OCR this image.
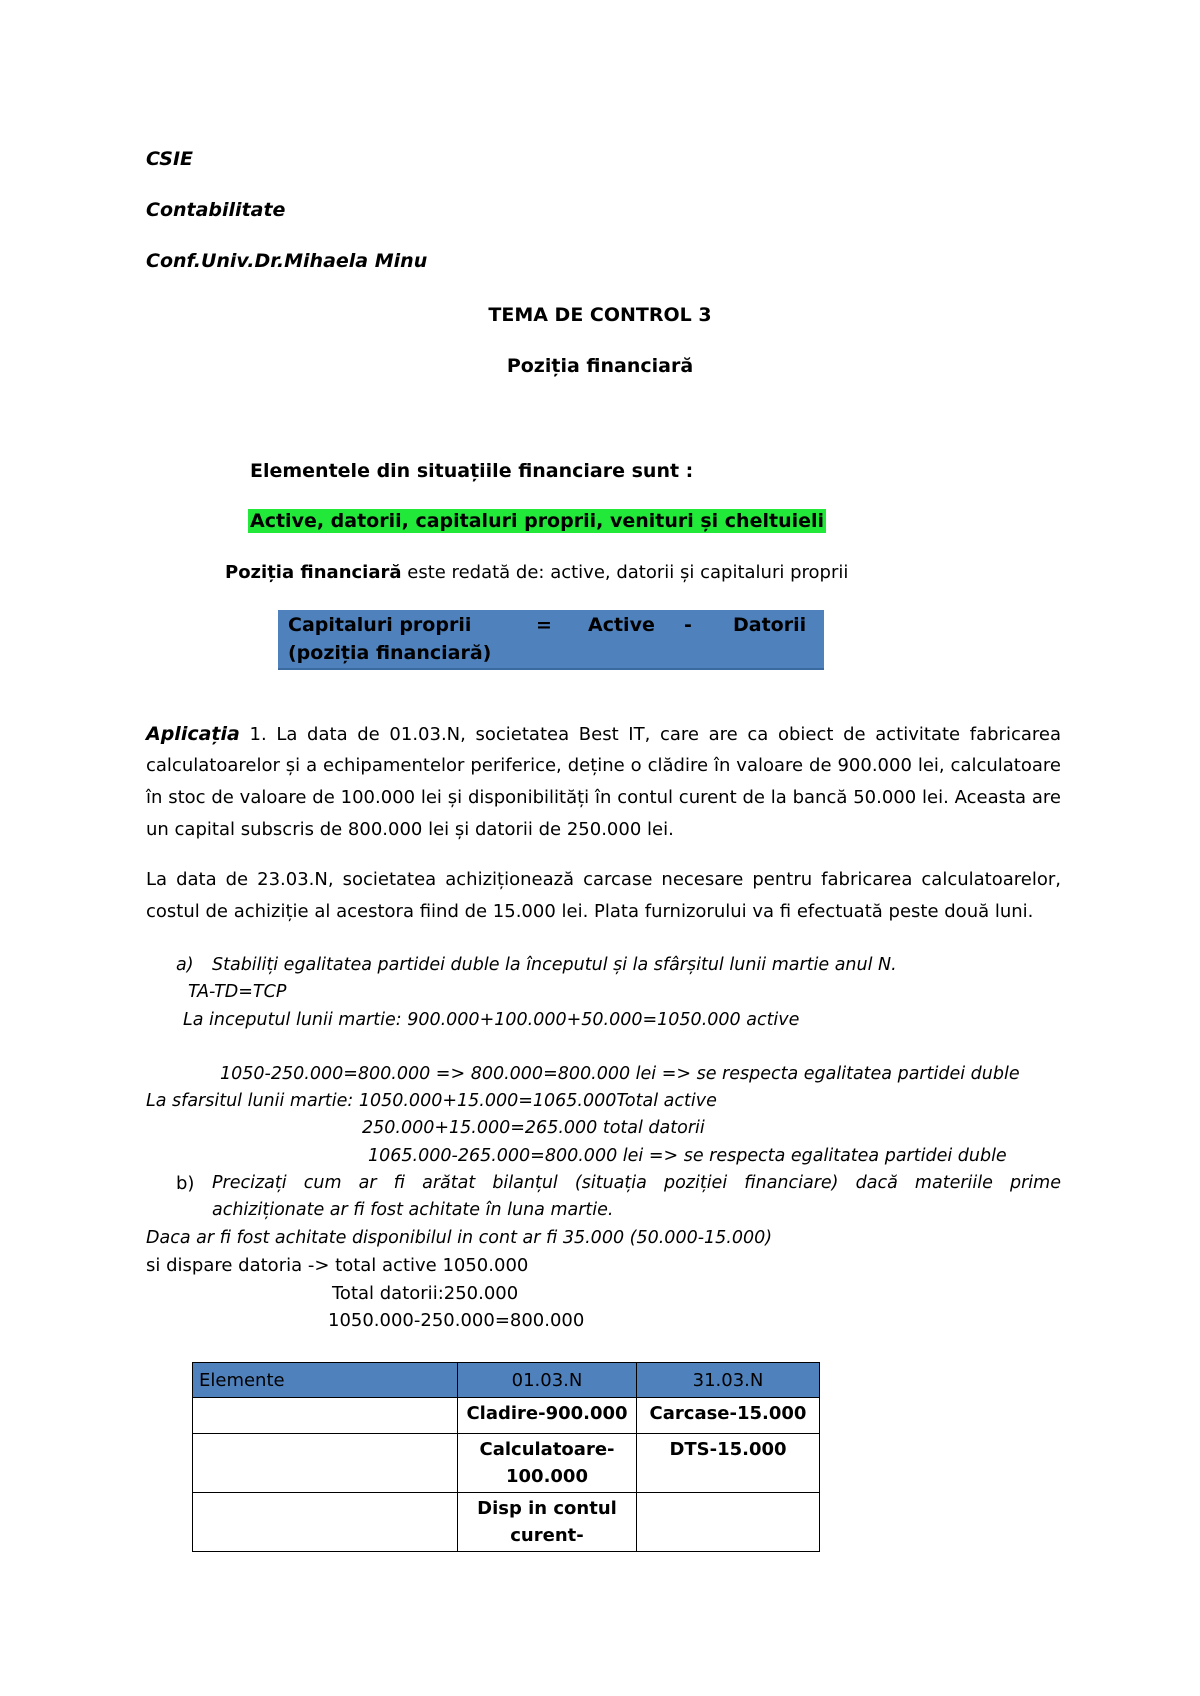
CSIE
Contabilitate
Conf.Univ.Dr.Mihaela Minu
TEMA DE CONTROL 3
Poziția financiară
Elementele din situațiile financiare sunt :
Active, datorii, capitaluri proprii, venituri și cheltuieli
Poziția financiară este redată de: active, datorii și capitaluri proprii
Capitaluri proprii
(poziția financiară)
= Active - Datorii
Aplicația 1. La data de 01.03.N, societatea Best IT, care are ca obiect de activitate fabricarea
calculatoarelor și a echipamentelor periferice, deține o clădire în valoare de 900.000 lei, calculatoare
în stoc de valoare de 100.000 lei și disponibilități în contul curent de la bancă 50.000 lei. Aceasta are
un capital subscris de 800.000 lei și datorii de 250.000 lei.
La data de 23.03.N, societatea achiziționează carcase necesare pentru fabricarea calculatoarelor,
costul de achiziție al acestora fiind de 15.000 lei. Plata furnizorului va fi efectuată peste două luni.
a) Stabiliți egalitatea partidei duble la începutul și la sfârșitul lunii martie anul N.
TA-TD=TCP
La inceputul lunii martie: 900.000+100.000+50.000=1050.000 active
1050-250.000=800.000 => 800.000=800.000 lei => se respecta egalitatea partidei duble
La sfarsitul lunii martie: 1050.000+15.000=1065.000Total active
250.000+15.000=265.000 total datorii
1065.000-265.000=800.000 lei => se respecta egalitatea partidei duble
b) Precizați cum ar fi arătat bilanțul (situația poziției financiare) dacă materiile prime
achiziționate ar fi fost achitate în luna martie.
Daca ar fi fost achitate disponibilul in cont ar fi 35.000 (50.000-15.000)
si dispare datoria -> total active 1050.000
Total datorii:250.000
1050.000-250.000=800.000
Elemente	01.03.N	31.03.N
	Cladire-900.000	Carcase-15.000
	Calculatoare-
100.000	DTS-15.000
	Disp in contul
curent-	
